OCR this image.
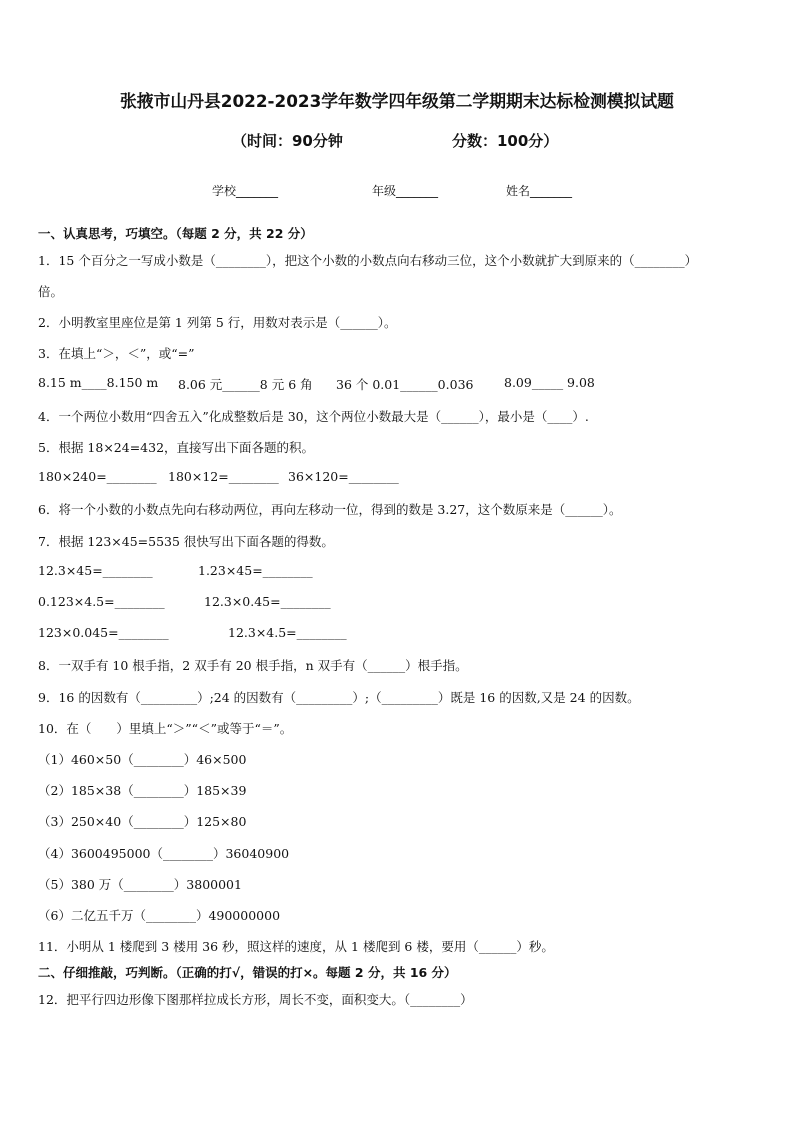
张掖市山丹县2022-2023学年数学四年级第二学期期末达标检测模拟试题
（时间：90分钟	分数：100分）
学校_______	年级_______	姓名_______
一、认真思考，巧填空。（每题 2 分，共 22 分）
1．15 个百分之一写成小数是（________），把这个小数的小数点向右移动三位，这个小数就扩大到原来的（________）
倍。
2．小明教室里座位是第 1 列第 5 行，用数对表示是（______）。
3．在填上“＞，＜”，或“=”
8.15 m____8.150 m 8.06 元______8 元 6 角 36 个 0.01______0.036 8.09_____ 9.08
4．一个两位小数用“四舍五入”化成整数后是 30，这个两位小数最大是（______），最小是（____）.
5．根据 18×24=432，直接写出下面各题的积。
180×240=________ 180×12=________ 36×120=________
6．将一个小数的小数点先向右移动两位，再向左移动一位，得到的数是 3.27，这个数原来是（______）。
7．根据 123×45=5535 很快写出下面各题的得数。
12.3×45=________	1.23×45=________
0.123×4.5=________	12.3×0.45=________
123×0.045=________	12.3×4.5=________
8．一双手有 10 根手指，2 双手有 20 根手指，n 双手有（______）根手指。
9．16 的因数有（_________）;24 的因数有（_________）;（_________）既是 16 的因数,又是 24 的因数。
10．在（　　）里填上“＞”“＜”或等于“＝”。
（1）460×50（________）46×500
（2）185×38（________）185×39
（3）250×40（________）125×80
（4）3600495000（________）36040900
（5）380 万（________）3800001
（6）二亿五千万（________）490000000
11．小明从 1 楼爬到 3 楼用 36 秒，照这样的速度，从 1 楼爬到 6 楼，要用（______）秒。
二、仔细推敲，巧判断。（正确的打√，错误的打×。每题 2 分，共 16 分）
12．把平行四边形像下图那样拉成长方形，周长不变，面积变大。（________）
